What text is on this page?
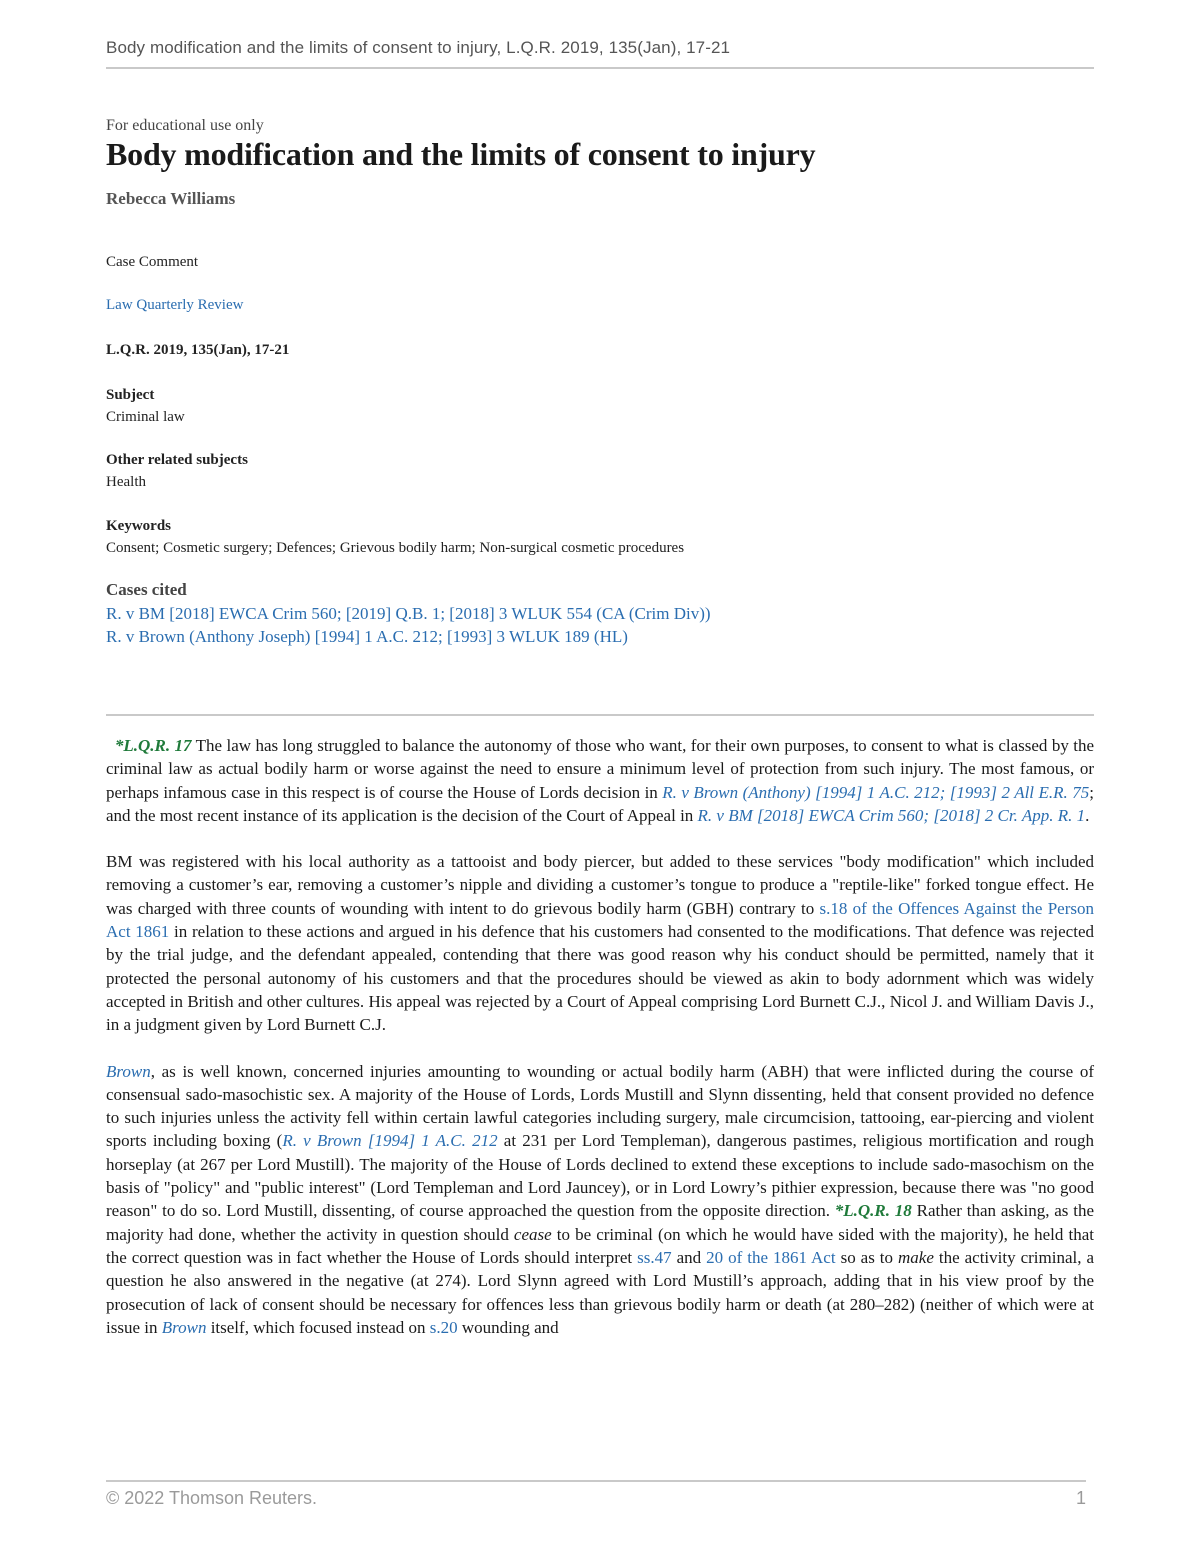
Body modification and the limits of consent to injury, L.Q.R. 2019, 135(Jan), 17-21
For educational use only
Body modification and the limits of consent to injury
Rebecca Williams
Case Comment
Law Quarterly Review
L.Q.R. 2019, 135(Jan), 17-21
Subject
Criminal law
Other related subjects
Health
Keywords
Consent; Cosmetic surgery; Defences; Grievous bodily harm; Non-surgical cosmetic procedures
Cases cited
R. v BM [2018] EWCA Crim 560; [2019] Q.B. 1; [2018] 3 WLUK 554 (CA (Crim Div))
R. v Brown (Anthony Joseph) [1994] 1 A.C. 212; [1993] 3 WLUK 189 (HL)

*L.Q.R. 17 The law has long struggled to balance the autonomy of those who want, for their own purposes, to consent to what is classed by the criminal law as actual bodily harm or worse against the need to ensure a minimum level of protection from such injury. The most famous, or perhaps infamous case in this respect is of course the House of Lords decision in R. v Brown (Anthony) [1994] 1 A.C. 212; [1993] 2 All E.R. 75; and the most recent instance of its application is the decision of the Court of Appeal in R. v BM [2018] EWCA Crim 560; [2018] 2 Cr. App. R. 1.

BM was registered with his local authority as a tattooist and body piercer, but added to these services "body modification" which included removing a customer’s ear, removing a customer’s nipple and dividing a customer’s tongue to produce a "reptile-like" forked tongue effect. He was charged with three counts of wounding with intent to do grievous bodily harm (GBH) contrary to s.18 of the Offences Against the Person Act 1861 in relation to these actions and argued in his defence that his customers had consented to the modifications. That defence was rejected by the trial judge, and the defendant appealed, contending that there was good reason why his conduct should be permitted, namely that it protected the personal autonomy of his customers and that the procedures should be viewed as akin to body adornment which was widely accepted in British and other cultures. His appeal was rejected by a Court of Appeal comprising Lord Burnett C.J., Nicol J. and William Davis J., in a judgment given by Lord Burnett C.J.

Brown, as is well known, concerned injuries amounting to wounding or actual bodily harm (ABH) that were inflicted during the course of consensual sado-masochistic sex. A majority of the House of Lords, Lords Mustill and Slynn dissenting, held that consent provided no defence to such injuries unless the activity fell within certain lawful categories including surgery, male circumcision, tattooing, ear-piercing and violent sports including boxing (R. v Brown [1994] 1 A.C. 212 at 231 per Lord Templeman), dangerous pastimes, religious mortification and rough horseplay (at 267 per Lord Mustill). The majority of the House of Lords declined to extend these exceptions to include sado-masochism on the basis of "policy" and "public interest" (Lord Templeman and Lord Jauncey), or in Lord Lowry’s pithier expression, because there was "no good reason" to do so. Lord Mustill, dissenting, of course approached the question from the opposite direction. *L.Q.R. 18 Rather than asking, as the majority had done, whether the activity in question should cease to be criminal (on which he would have sided with the majority), he held that the correct question was in fact whether the House of Lords should interpret ss.47 and 20 of the 1861 Act so as to make the activity criminal, a question he also answered in the negative (at 274). Lord Slynn agreed with Lord Mustill’s approach, adding that in his view proof by the prosecution of lack of consent should be necessary for offences less than grievous bodily harm or death (at 280–282) (neither of which were at issue in Brown itself, which focused instead on s.20 wounding and

© 2022 Thomson Reuters.	1
